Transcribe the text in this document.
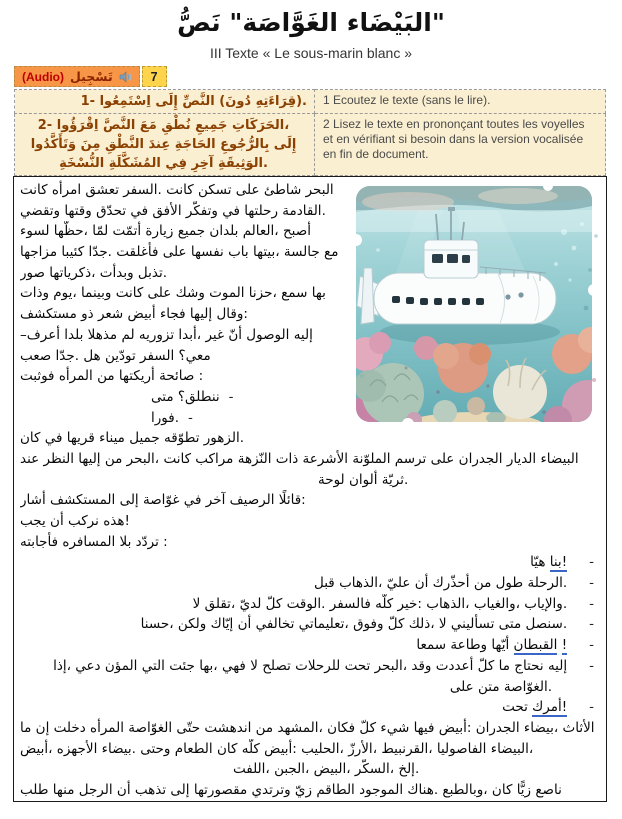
نَصُّ "الغَوَّاصَة البَيْضَاء"
III Texte « Le sous-marin blanc »
(Audio) تَسْجِيل	7
1- اِسْتَمِعُوا إِلَى النَّصِّ (دُونَ قِرَاءَتِهِ).	1 Ecoutez le texte (sans le lire).
2- اِقْرَؤُوا النَّصَّ مَعَ نُطْقِ جَمِيعِ الحَرَكَاتِ، وَتَأَكَّدُوا مِنَ النَّطْقِ عِندَ الحَاجَةِ بِالرُّجُوعِ إِلَى النُّسْخَةِ المُشَكَّلَةِ فِي آخِرِ الوَثِيقَةِ.	2 Lisez le texte en prononçant toutes les voyelles et en vérifiant si besoin dans la version vocalisée en fin de document.
كانت امرأه تعشق السفر. كانت تسكن على شاطئ البحر
وتقضي وقتها تحدّق في الأفق وتفكّر في رحلتها القادمة.
لسوء حظّها، لمّا أتمّت زيارة جميع بلدان العالم، أصبح
مزاجها كئيبا جدّا. فأغلقت على نفسها باب بيتها، جالسة مع
صور ذكرياتها، وبدأت تذبل.
وذات يوم، وبينما كانت على وشك الموت حزنا، سمع بها
مستكشف ذو شعر أبيض فجاء إليها وقال:
–أعرف بلدا مذهلا لم تزوريه أبدا، غير أنّ الوصول إليه
صعب جدّا. هل تودّين السفر معي؟
فوثبت المرأه من أريكتها صائحة :
متى ننطلق؟ -
فورا. -
كان في قريها ميناء جميل تطوّقه الزهور.
عند النظر إليها من البحر، كانت مراكب النّزهة ذات الأشرعة الملوّنة ترسم على الجدران الديار البيضاء
لوحة ألوان ثريّة.
أشار المستكشف إلى غوّاصة في آخر الرصيف قائلًا:
يجب أن نركب هذه!
فأجابته المسافره بلا تردّد :
هيّا بنا! -
قبل الذهاب، عليّ أن أحذّرك من طول الرحلة. -
لا تقلق، لديّ كلّ الوقت. فالسفر كلّه خير: الذهاب، والغياب، والإياب. -
حسنا، ولكن إيّاك أن تخالفي تعليماتي، وفوق كلّ ذلك، لا تسأليني متى سنصل. -
سمعا وطاعة أيّها القبطان ! -
إذا، دعي المؤن التي جئت بها، فهي لا تصلح للرحلات تحت البحر، وقد أعددت كلّ ما نحتاج إليه -
على متن الغوّاصة.
تحت أمرك! -
ما إن دخلت المرأه الغوّاصة حتّى اندهشت من المشهد، فكان كلّ شيء فيها أبيض: الجدران بيضاء، الأثاث
أبيض، الأجهزه بيضاء. وحتى الطعام كان كلّه أبيض: الحليب، الأرزّ، القرنبيط، الفاصوليا البيضاء،
اللفت، الجبن، البيض، السكّر، إلخ.
طلب منها الرجل أن تذهب إلى مقصورتها وترتدي زيّ الطاقم الموجود هناك. وبالطبع، كان زيًّا ناصع
